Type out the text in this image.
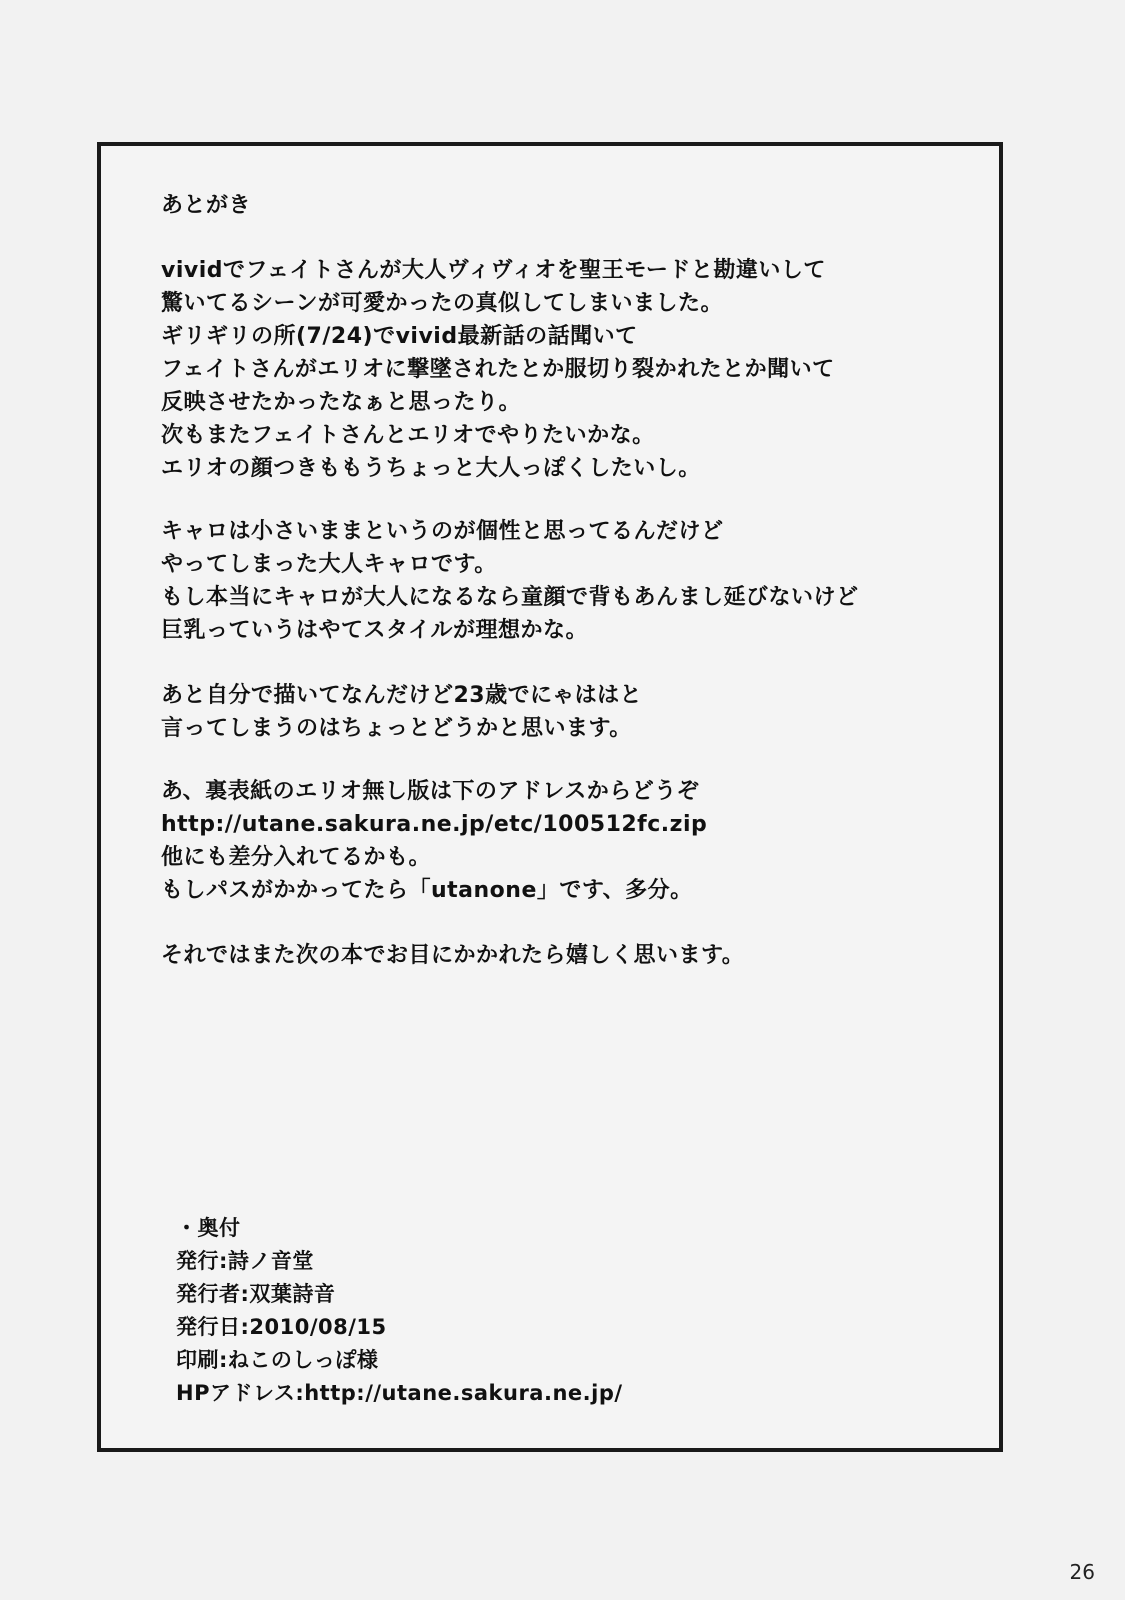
あとがき
vividでフェイトさんが大人ヴィヴィオを聖王モードと勘違いして
驚いてるシーンが可愛かったの真似してしまいました。
ギリギリの所(7/24)でvivid最新話の話聞いて
フェイトさんがエリオに撃墜されたとか服切り裂かれたとか聞いて
反映させたかったなぁと思ったり。
次もまたフェイトさんとエリオでやりたいかな。
エリオの顔つきももうちょっと大人っぽくしたいし。
キャロは小さいままというのが個性と思ってるんだけど
やってしまった大人キャロです。
もし本当にキャロが大人になるなら童顔で背もあんまし延びないけど
巨乳っていうはやてスタイルが理想かな。
あと自分で描いてなんだけど23歳でにゃははと
言ってしまうのはちょっとどうかと思います。
あ、裏表紙のエリオ無し版は下のアドレスからどうぞ
http://utane.sakura.ne.jp/etc/100512fc.zip
他にも差分入れてるかも。
もしパスがかかってたら「utanone」です、多分。
それではまた次の本でお目にかかれたら嬉しく思います。
・奥付
発行:詩ノ音堂
発行者:双葉詩音
発行日:2010/08/15
印刷:ねこのしっぽ様
HPアドレス:http://utane.sakura.ne.jp/
26
